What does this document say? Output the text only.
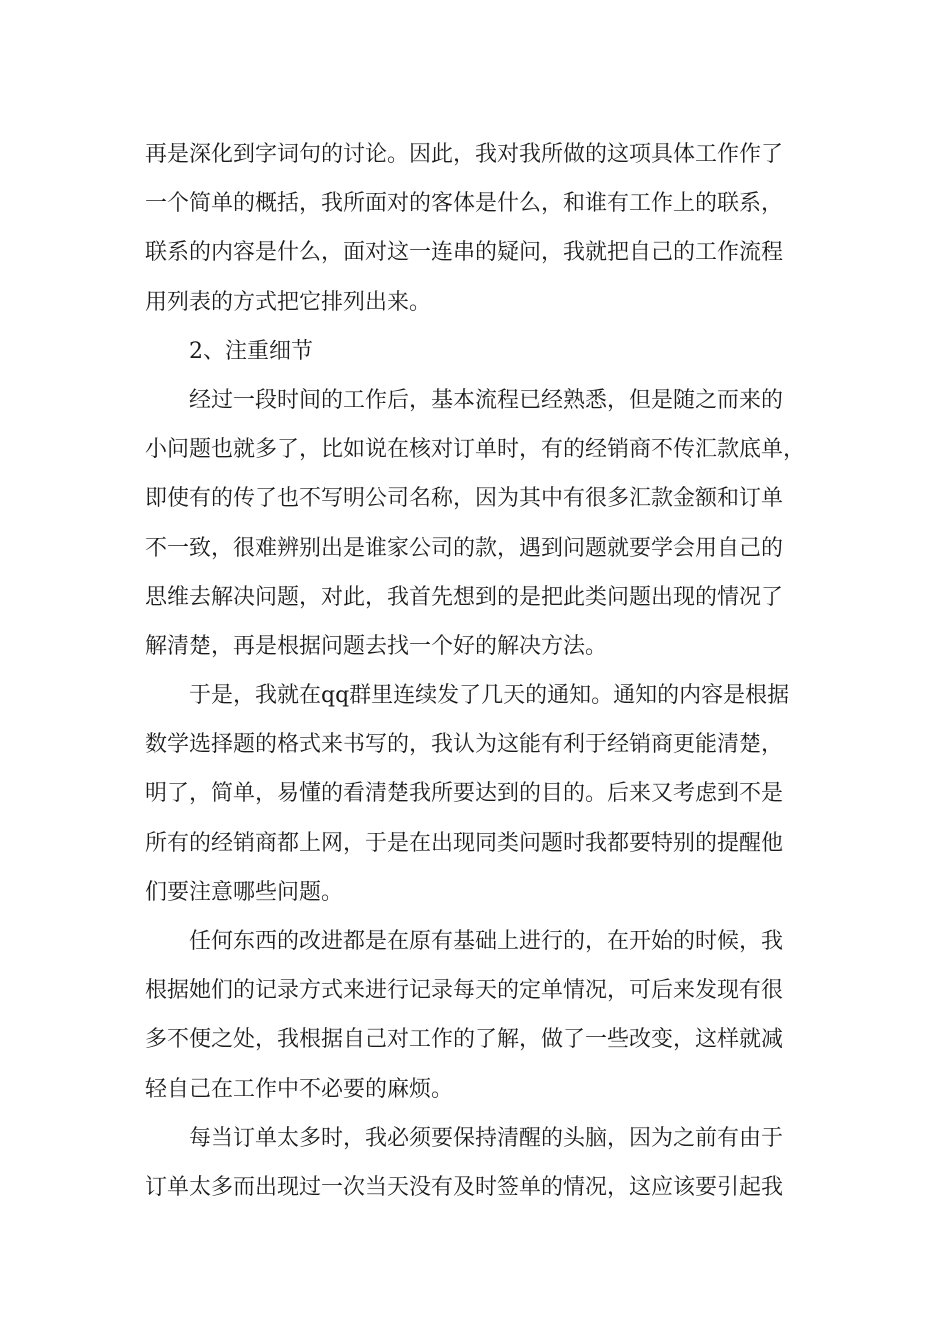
再是深化到字词句的讨论。因此，我对我所做的这项具体工作作了
一个简单的概括，我所面对的客体是什么，和谁有工作上的联系，
联系的内容是什么，面对这一连串的疑问，我就把自己的工作流程
用列表的方式把它排列出来。
2、注重细节
经过一段时间的工作后，基本流程已经熟悉，但是随之而来的
小问题也就多了，比如说在核对订单时，有的经销商不传汇款底单，
即使有的传了也不写明公司名称，因为其中有很多汇款金额和订单
不一致，很难辨别出是谁家公司的款，遇到问题就要学会用自己的
思维去解决问题，对此，我首先想到的是把此类问题出现的情况了
解清楚，再是根据问题去找一个好的解决方法。
于是，我就在qq群里连续发了几天的通知。通知的内容是根据
数学选择题的格式来书写的，我认为这能有利于经销商更能清楚，
明了，简单，易懂的看清楚我所要达到的目的。后来又考虑到不是
所有的经销商都上网，于是在出现同类问题时我都要特别的提醒他
们要注意哪些问题。
任何东西的改进都是在原有基础上进行的，在开始的时候，我
根据她们的记录方式来进行记录每天的定单情况，可后来发现有很
多不便之处，我根据自己对工作的了解，做了一些改变，这样就减
轻自己在工作中不必要的麻烦。
每当订单太多时，我必须要保持清醒的头脑，因为之前有由于
订单太多而出现过一次当天没有及时签单的情况，这应该要引起我
